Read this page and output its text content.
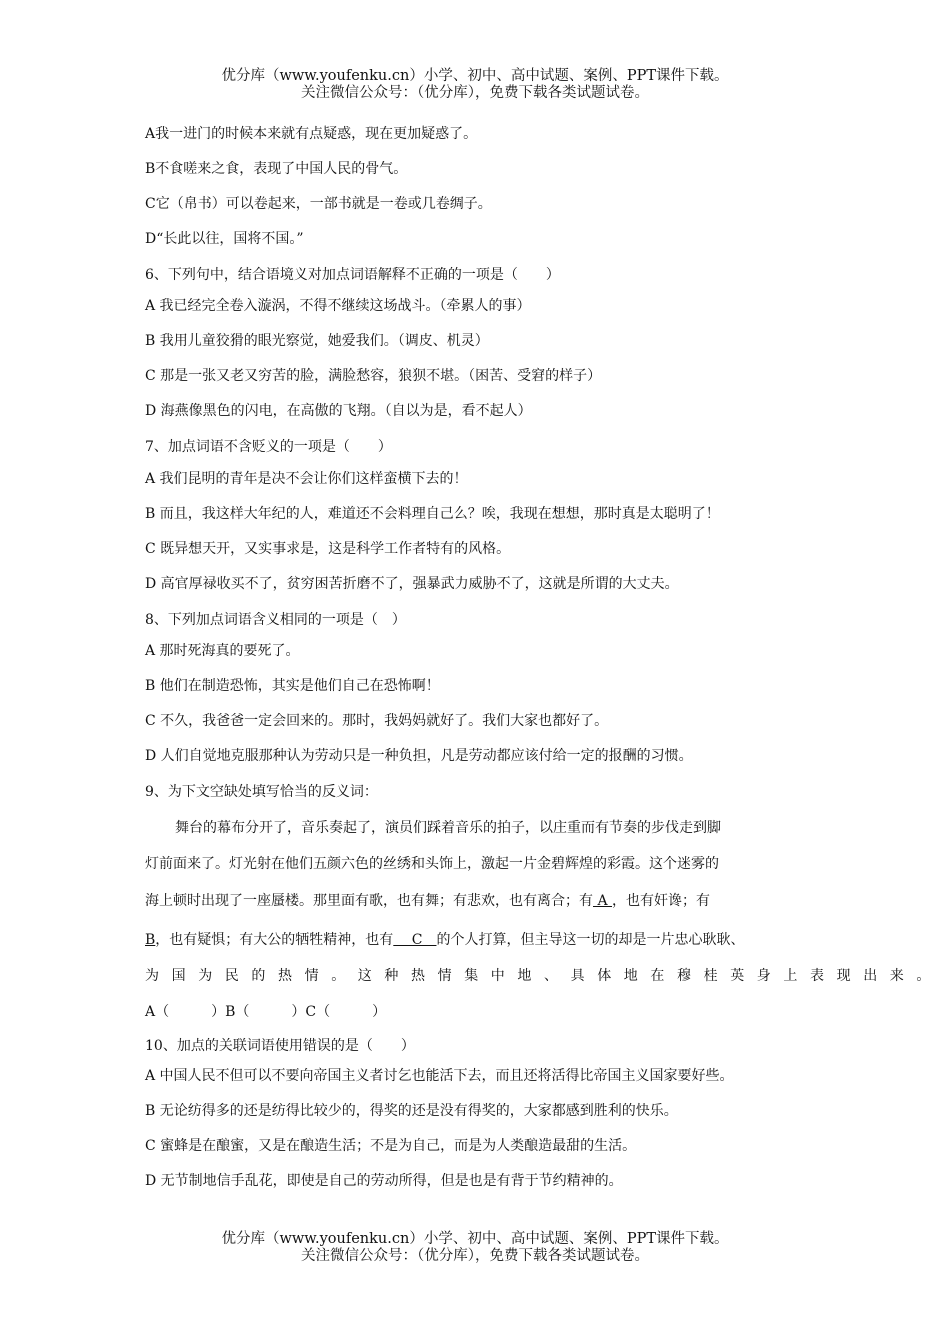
优分库（www.youfenku.cn）小学、初中、高中试题、案例、PPT课件下载。
关注微信公众号：（优分库），免费下载各类试题试卷。
A我一进门的时候本来就有点疑惑，现在更加疑惑了。
B不食嗟来之食，表现了中国人民的骨气。
C它（帛书）可以卷起来，一部书就是一卷或几卷绸子。
D“长此以往，国将不国。”
6、下列句中，结合语境义对加点词语解释不正确的一项是（　　）
A 我已经完全卷入漩涡，不得不继续这场战斗。（牵累人的事）
B 我用儿童狡猾的眼光察觉，她爱我们。（调皮、机灵）
C 那是一张又老又穷苦的脸，满脸愁容，狼狈不堪。（困苦、受窘的样子）
D 海燕像黑色的闪电，在高傲的飞翔。（自以为是，看不起人）
7、加点词语不含贬义的一项是（　　）
A 我们昆明的青年是决不会让你们这样蛮横下去的！
B 而且，我这样大年纪的人，难道还不会料理自己么？唉，我现在想想，那时真是太聪明了！
C 既异想天开，又实事求是，这是科学工作者特有的风格。
D 高官厚禄收买不了，贫穷困苦折磨不了，强暴武力威胁不了，这就是所谓的大丈夫。
8、下列加点词语含义相同的一项是（　）
A 那时死海真的要死了。
B 他们在制造恐怖，其实是他们自己在恐怖啊！
C 不久，我爸爸一定会回来的。那时，我妈妈就好了。我们大家也都好了。
D 人们自觉地克服那种认为劳动只是一种负担，凡是劳动都应该付给一定的报酬的习惯。
9、为下文空缺处填写恰当的反义词：
舞台的幕布分开了，音乐奏起了，演员们踩着音乐的拍子，以庄重而有节奏的步伐走到脚
灯前面来了。灯光射在他们五颜六色的丝绣和头饰上，激起一片金碧辉煌的彩霞。这个迷雾的
海上顿时出现了一座蜃楼。那里面有歌，也有舞；有悲欢，也有离合；有 A ，也有奸谗；有
B，也有疑惧；有大公的牺牲精神，也有　 C　的个人打算，但主导这一切的却是一片忠心耿耿、
为国为民的热情。这种热情集中地、具体地在穆桂英身上表现出来。
A（　　　）B（　　　）C（　　　）
10、加点的关联词语使用错误的是（　　）
A 中国人民不但可以不要向帝国主义者讨乞也能活下去，而且还将活得比帝国主义国家要好些。
B 无论纺得多的还是纺得比较少的，得奖的还是没有得奖的，大家都感到胜利的快乐。
C 蜜蜂是在酿蜜，又是在酿造生活；不是为自己，而是为人类酿造最甜的生活。
D 无节制地信手乱花，即使是自己的劳动所得，但是也是有背于节约精神的。
优分库（www.youfenku.cn）小学、初中、高中试题、案例、PPT课件下载。
关注微信公众号：（优分库），免费下载各类试题试卷。
